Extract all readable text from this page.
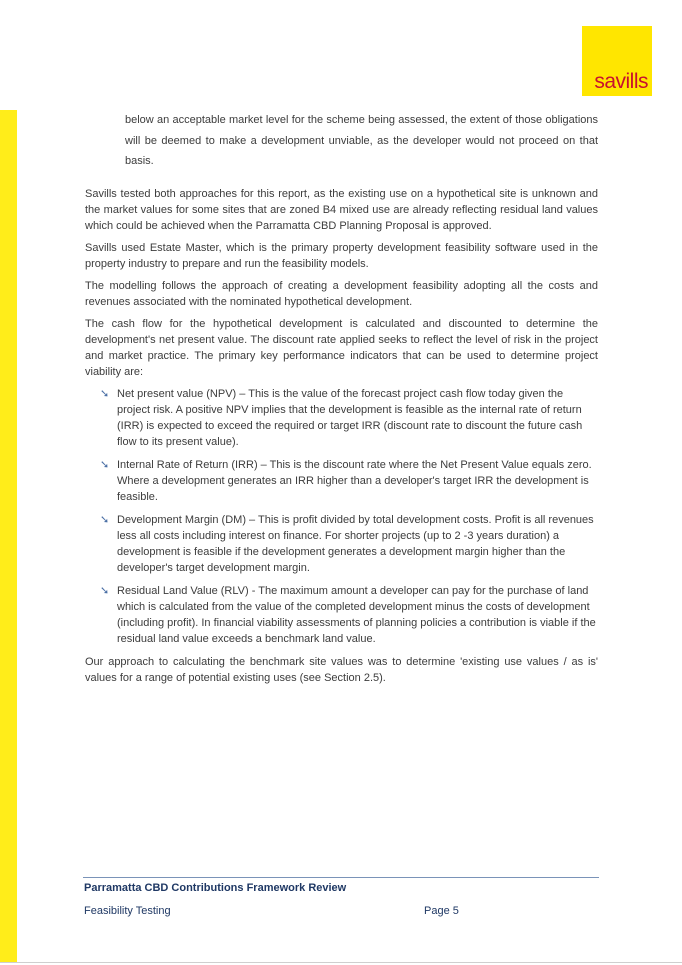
savills

below an acceptable market level for the scheme being assessed, the extent of those obligations will be deemed to make a development unviable, as the developer would not proceed on that basis.

Savills tested both approaches for this report, as the existing use on a hypothetical site is unknown and the market values for some sites that are zoned B4 mixed use are already reflecting residual land values which could be achieved when the Parramatta CBD Planning Proposal is approved.

Savills used Estate Master, which is the primary property development feasibility software used in the property industry to prepare and run the feasibility models.

The modelling follows the approach of creating a development feasibility adopting all the costs and revenues associated with the nominated hypothetical development.

The cash flow for the hypothetical development is calculated and discounted to determine the development's net present value. The discount rate applied seeks to reflect the level of risk in the project and market practice. The primary key performance indicators that can be used to determine project viability are:

➘ Net present value (NPV) – This is the value of the forecast project cash flow today given the project risk. A positive NPV implies that the development is feasible as the internal rate of return (IRR) is expected to exceed the required or target IRR (discount rate to discount the future cash flow to its present value).
➘ Internal Rate of Return (IRR) – This is the discount rate where the Net Present Value equals zero. Where a development generates an IRR higher than a developer's target IRR the development is feasible.
➘ Development Margin (DM) – This is profit divided by total development costs. Profit is all revenues less all costs including interest on finance. For shorter projects (up to 2 -3 years duration) a development is feasible if the development generates a development margin higher than the developer's target development margin.
➘ Residual Land Value (RLV) - The maximum amount a developer can pay for the purchase of land which is calculated from the value of the completed development minus the costs of development (including profit). In financial viability assessments of planning policies a contribution is viable if the residual land value exceeds a benchmark land value.

Our approach to calculating the benchmark site values was to determine 'existing use values / as is' values for a range of potential existing uses (see Section 2.5).

Parramatta CBD Contributions Framework Review
Feasibility Testing	Page 5
